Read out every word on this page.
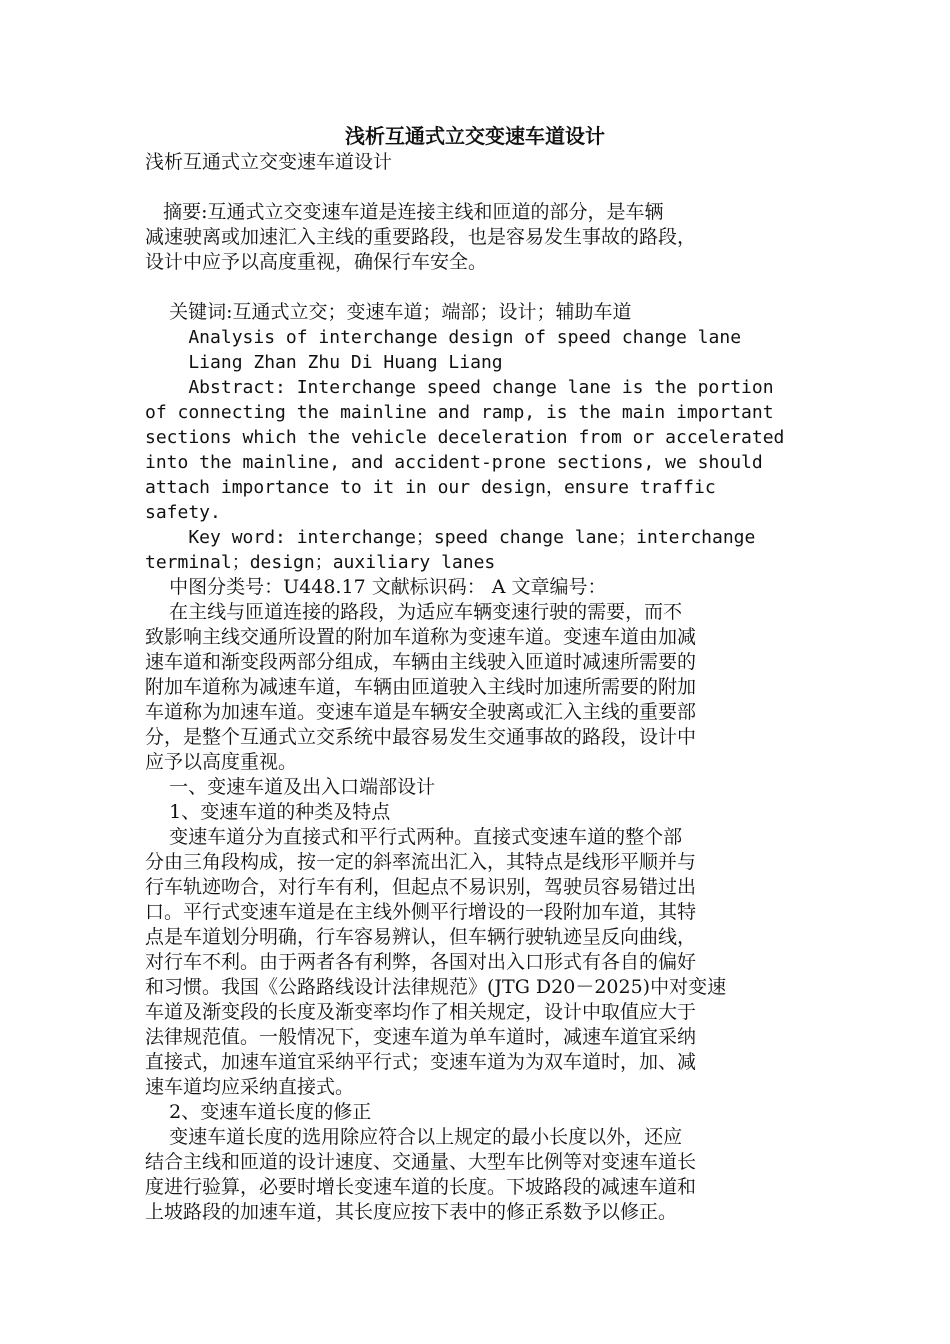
浅析互通式立交变速车道设计

浅析互通式立交变速车道设计

摘要:互通式立交变速车道是连接主线和匝道的部分，是车辆

减速驶离或加速汇入主线的重要路段，也是容易发生事故的路段，

设计中应予以高度重视，确保行车安全。

关键词:互通式立交；变速车道；端部；设计；辅助车道

Analysis of interchange design of speed change lane

Liang Zhan Zhu Di Huang Liang

Abstract: Interchange speed change lane is the portion

of connecting the mainline and ramp, is the main important

sections which the vehicle deceleration from or accelerated

into the mainline, and accident-prone sections, we should

attach importance to it in our design，ensure traffic

safety.

Key word: interchange；speed change lane；interchange

terminal；design；auxiliary lanes

中图分类号：U448.17 文献标识码： A 文章编号：

在主线与匝道连接的路段，为适应车辆变速行驶的需要，而不

致影响主线交通所设置的附加车道称为变速车道。变速车道由加减

速车道和渐变段两部分组成，车辆由主线驶入匝道时减速所需要的

附加车道称为减速车道，车辆由匝道驶入主线时加速所需要的附加

车道称为加速车道。变速车道是车辆安全驶离或汇入主线的重要部

分，是整个互通式立交系统中最容易发生交通事故的路段，设计中

应予以高度重视。

一、变速车道及出入口端部设计

1、变速车道的种类及特点

变速车道分为直接式和平行式两种。直接式变速车道的整个部

分由三角段构成，按一定的斜率流出汇入，其特点是线形平顺并与

行车轨迹吻合，对行车有利，但起点不易识别，驾驶员容易错过出

口。平行式变速车道是在主线外侧平行增设的一段附加车道，其特

点是车道划分明确，行车容易辨认，但车辆行驶轨迹呈反向曲线，

对行车不利。由于两者各有利弊，各国对出入口形式有各自的偏好

和习惯。我国《公路路线设计法律规范》(JTG D20－2025)中对变速

车道及渐变段的长度及渐变率均作了相关规定，设计中取值应大于

法律规范值。一般情况下，变速车道为单车道时，减速车道宜采纳

直接式，加速车道宜采纳平行式；变速车道为为双车道时，加、减

速车道均应采纳直接式。

2、变速车道长度的修正

变速车道长度的选用除应符合以上规定的最小长度以外，还应

结合主线和匝道的设计速度、交通量、大型车比例等对变速车道长

度进行验算，必要时增长变速车道的长度。下坡路段的减速车道和

上坡路段的加速车道，其长度应按下表中的修正系数予以修正。
